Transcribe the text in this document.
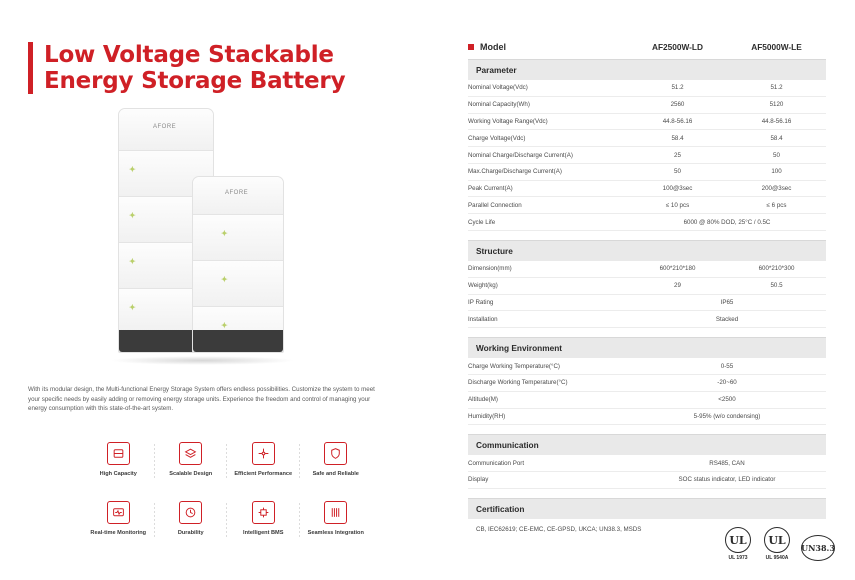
Low Voltage Stackable
Energy Storage Battery
AFORE
✦
✦
✦
✦
AFORE
✦
✦
✦
With its modular design, the Multi-functional Energy Storage System offers endless possibilities. Customize the system to meet your specific needs by easily adding or removing energy storage units. Experience the freedom and control of managing your energy consumption with this state-of-the-art system.
High Capacity	Scalable Design	Efficient Performance	Safe and Reliable
Real-time Monitoring	Durability	Intelligent BMS	Seamless Integration
Model	AF2500W-LD	AF5000W-LE
Parameter
Nominal Voltage(Vdc)	51.2	51.2
Nominal Capacity(Wh)	2560	5120
Working Voltage Range(Vdc)	44.8-56.16	44.8-56.16
Charge Voltage(Vdc)	58.4	58.4
Nominal Charge/Discharge Current(A)	25	50
Max.Charge/Discharge Current(A)	50	100
Peak Current(A)	100@3sec	200@3sec
Parallel Connection	≤ 10 pcs	≤ 6 pcs
Cycle Life	6000 @ 80% DOD, 25°C / 0.5C	
Structure
Dimension(mm)	600*210*180	600*210*300
Weight(kg)	29	50.5
IP Rating	IP65	
Installation	Stacked	
Working Environment
Charge Working Temperature(°C)	0-55
Discharge Working Temperature(°C)	-20~60
Altitude(M)	<2500
Humidity(RH)	5-95% (w/o condensing)
Communication
Communication Port	RS485, CAN
Display	SOC status indicator, LED indicator
Certification
CB, IEC62619; CE-EMC, CE-GPSD, UKCA; UN38.3, MSDS
UL
UL 1973
UL
UL 9540A
UN38.3
